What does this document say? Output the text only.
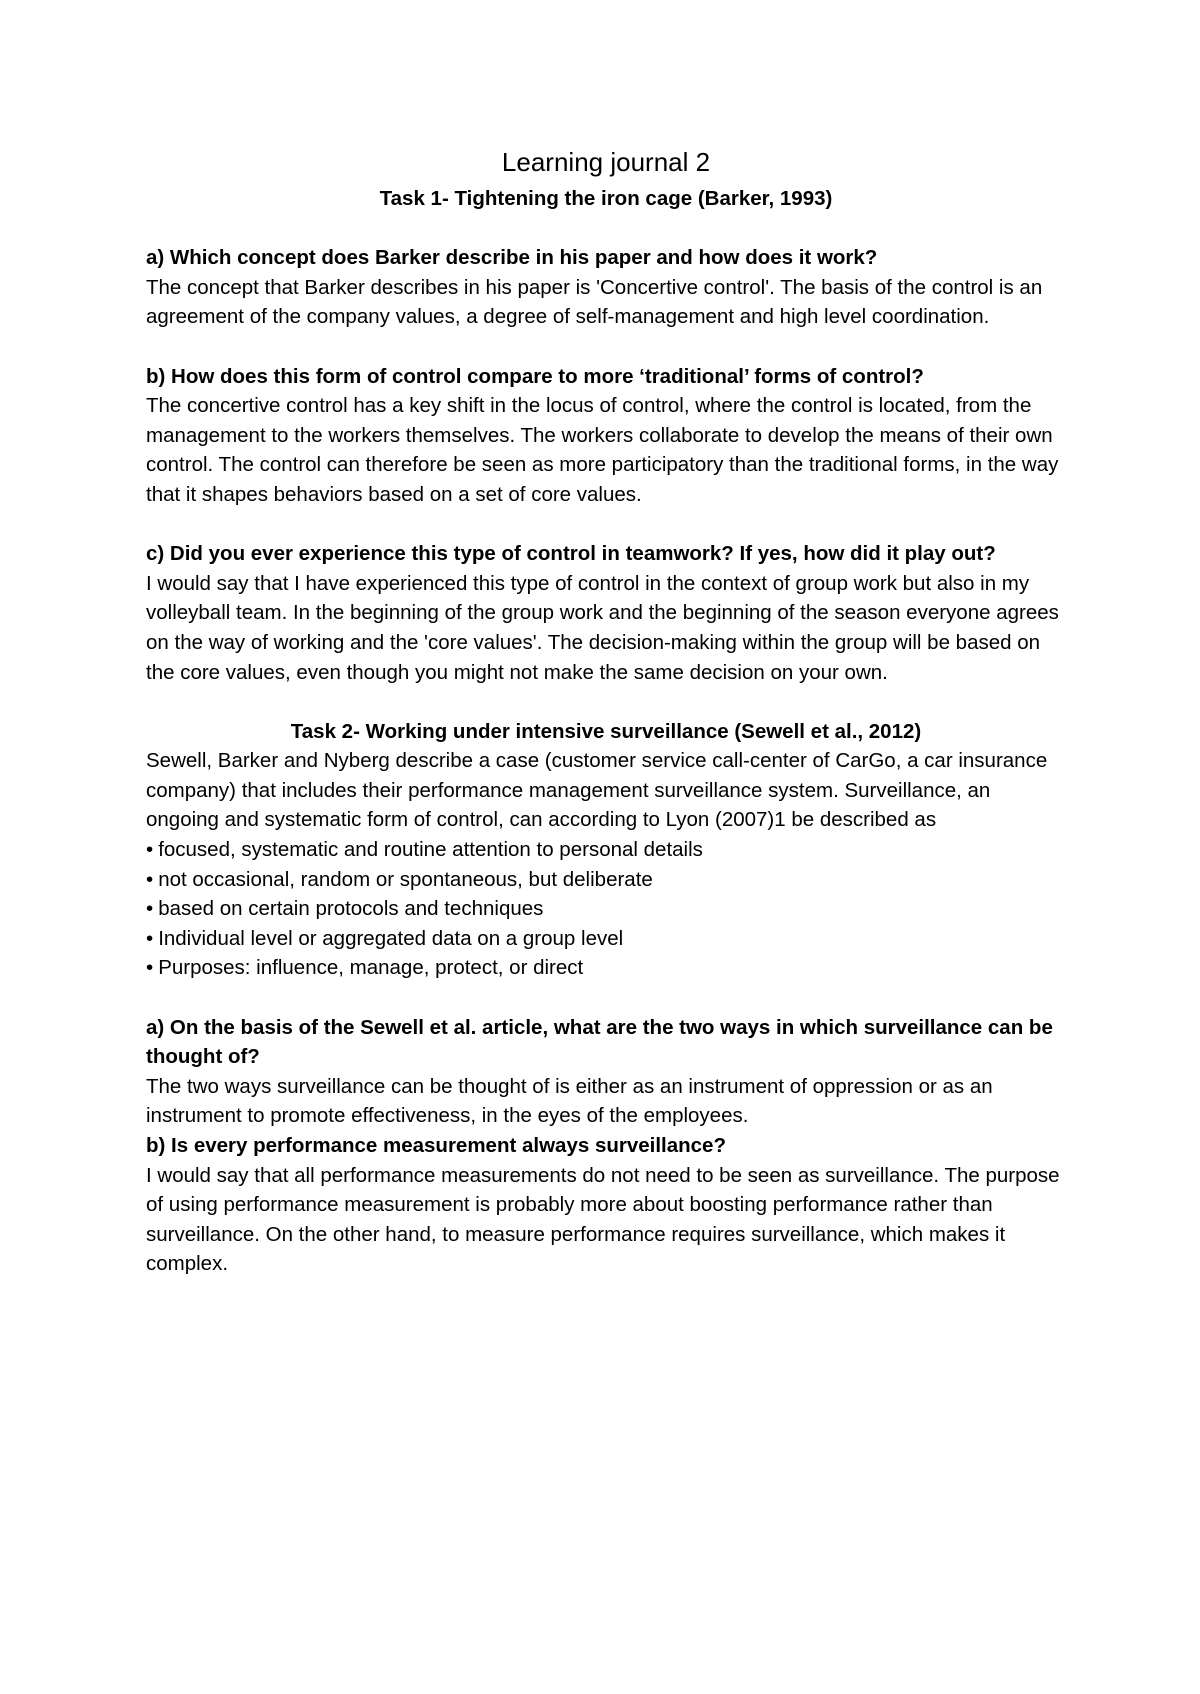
Learning journal 2

Task 1- Tightening the iron cage (Barker, 1993)

a) Which concept does Barker describe in his paper and how does it work?

The concept that Barker describes in his paper is 'Concertive control'. The basis of the control is an agreement of the company values, a degree of self-management and high level coordination.

b) How does this form of control compare to more ‘traditional’ forms of control?

The concertive control has a key shift in the locus of control, where the control is located, from the management to the workers themselves. The workers collaborate to develop the means of their own control. The control can therefore be seen as more participatory than the traditional forms, in the way that it shapes behaviors based on a set of core values.

c) Did you ever experience this type of control in teamwork? If yes, how did it play out?

I would say that I have experienced this type of control in the context of group work but also in my volleyball team. In the beginning of the group work and the beginning of the season everyone agrees on the way of working and the 'core values'. The decision-making within the group will be based on the core values, even though you might not make the same decision on your own.

Task 2- Working under intensive surveillance (Sewell et al., 2012)

Sewell, Barker and Nyberg describe a case (customer service call-center of CarGo, a car insurance company) that includes their performance management surveillance system. Surveillance, an ongoing and systematic form of control, can according to Lyon (2007)1 be described as

• focused, systematic and routine attention to personal details
• not occasional, random or spontaneous, but deliberate
• based on certain protocols and techniques
• Individual level or aggregated data on a group level
• Purposes: influence, manage, protect, or direct

a) On the basis of the Sewell et al. article, what are the two ways in which surveillance can be thought of?

The two ways surveillance can be thought of is either as an instrument of oppression or as an instrument to promote effectiveness, in the eyes of the employees.

b) Is every performance measurement always surveillance?

I would say that all performance measurements do not need to be seen as surveillance. The purpose of using performance measurement is probably more about boosting performance rather than surveillance. On the other hand, to measure performance requires surveillance, which makes it complex.
